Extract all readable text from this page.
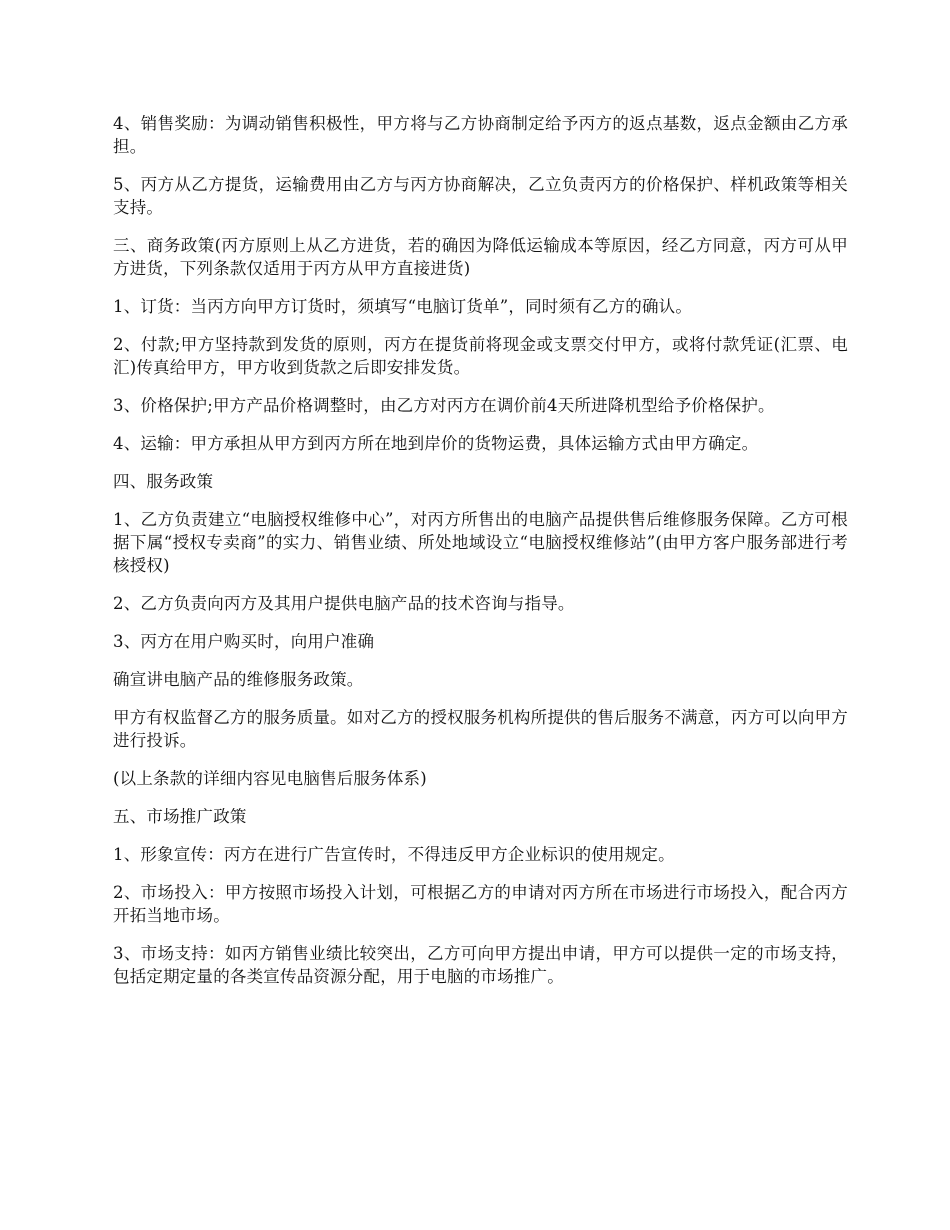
4、销售奖励：为调动销售积极性，甲方将与乙方协商制定给予丙方的返点基数，返点金额由乙方承担。

5、丙方从乙方提货，运输费用由乙方与丙方协商解决，乙立负责丙方的价格保护、样机政策等相关支持。

三、商务政策(丙方原则上从乙方进货，若的确因为降低运输成本等原因，经乙方同意，丙方可从甲方进货，下列条款仅适用于丙方从甲方直接进货)

1、订货：当丙方向甲方订货时，须填写“电脑订货单”，同时须有乙方的确认。

2、付款;甲方坚持款到发货的原则，丙方在提货前将现金或支票交付甲方，或将付款凭证(汇票、电汇)传真给甲方，甲方收到货款之后即安排发货。

3、价格保护;甲方产品价格调整时，由乙方对丙方在调价前4天所进降机型给予价格保护。

4、运输：甲方承担从甲方到丙方所在地到岸价的货物运费，具体运输方式由甲方确定。

四、服务政策

1、乙方负责建立“电脑授权维修中心”，对丙方所售出的电脑产品提供售后维修服务保障。乙方可根据下属“授权专卖商”的实力、销售业绩、所处地域设立“电脑授权维修站”(由甲方客户服务部进行考核授权)

2、乙方负责向丙方及其用户提供电脑产品的技术咨询与指导。

3、丙方在用户购买时，向用户准确

确宣讲电脑产品的维修服务政策。

甲方有权监督乙方的服务质量。如对乙方的授权服务机构所提供的售后服务不满意，丙方可以向甲方进行投诉。

(以上条款的详细内容见电脑售后服务体系)

五、市场推广政策

1、形象宣传：丙方在进行广告宣传时，不得违反甲方企业标识的使用规定。

2、市场投入：甲方按照市场投入计划，可根据乙方的申请对丙方所在市场进行市场投入，配合丙方开拓当地市场。

3、市场支持：如丙方销售业绩比较突出，乙方可向甲方提出申请，甲方可以提供一定的市场支持，包括定期定量的各类宣传品资源分配，用于电脑的市场推广。
